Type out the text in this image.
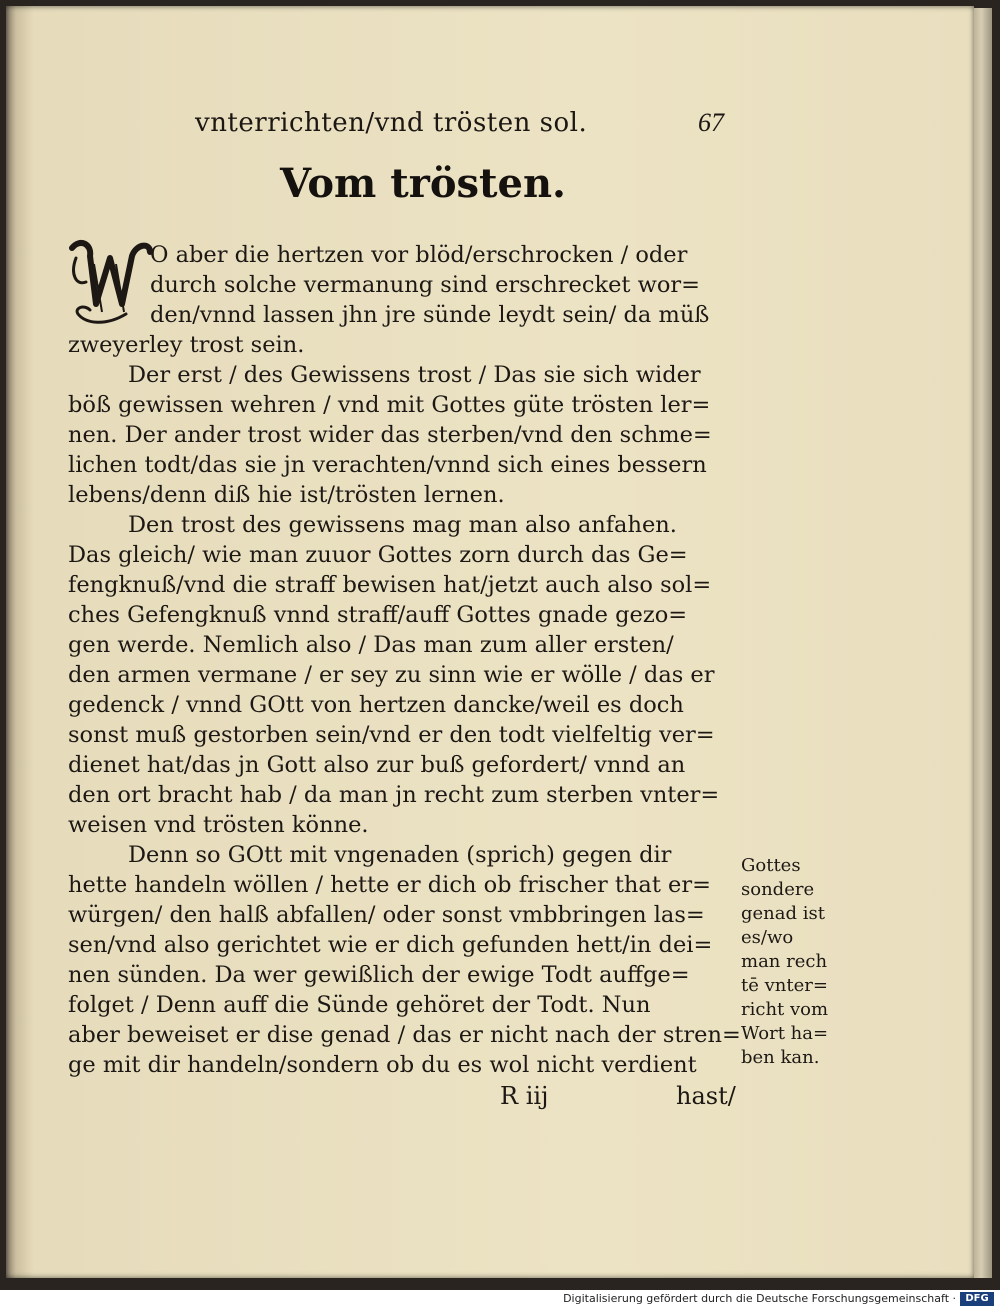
vnterrichten/vnd trösten sol.	67
Vom trösten.
W
O aber die hertzen vor blöd/erschrocken / oder
durch solche vermanung sind erschrecket wor=
den/vnnd lassen jhn jre sünde leydt sein/ da müß
zweyerley trost sein.
Der erst / des Gewissens trost / Das sie sich wider
böß gewissen wehren / vnd mit Gottes güte trösten ler=
nen. Der ander trost wider das sterben/vnd den schme=
lichen todt/das sie jn verachten/vnnd sich eines bessern
lebens/denn diß hie ist/trösten lernen.
Den trost des gewissens mag man also anfahen.
Das gleich/ wie man zuuor Gottes zorn durch das Ge=
fengknuß/vnd die straff bewisen hat/jetzt auch also sol=
ches Gefengknuß vnnd straff/auff Gottes gnade gezo=
gen werde. Nemlich also / Das man zum aller ersten/
den armen vermane / er sey zu sinn wie er wölle / das er
gedenck / vnnd GOtt von hertzen dancke/weil es doch
sonst muß gestorben sein/vnd er den todt vielfeltig ver=
dienet hat/das jn Gott also zur buß gefordert/ vnnd an
den ort bracht hab / da man jn recht zum sterben vnter=
weisen vnd trösten könne.
Denn so GOtt mit vngenaden (sprich) gegen dir
hette handeln wöllen / hette er dich ob frischer that er=
würgen/ den halß abfallen/ oder sonst vmbbringen las=
sen/vnd also gerichtet wie er dich gefunden hett/in dei=
nen sünden. Da wer gewißlich der ewige Todt auffge=
folget / Denn auff die Sünde gehöret der Todt. Nun
aber beweiset er dise genad / das er nicht nach der stren=
ge mit dir handeln/sondern ob du es wol nicht verdient
Gottes
sondere
genad ist
es/wo
man rech
tē vnter=
richt vom
Wort ha=
ben kan.
R iij	hast/
Digitalisierung gefördert durch die Deutsche Forschungsgemeinschaft · DFG
